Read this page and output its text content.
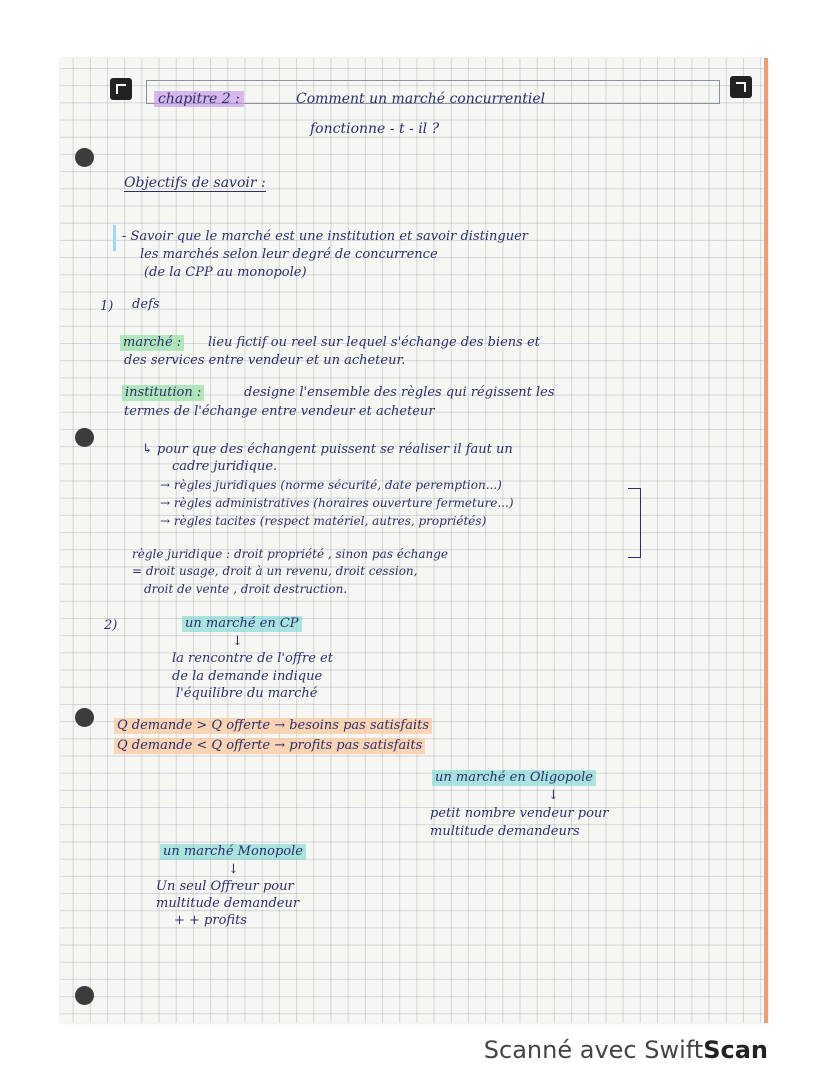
chapitre 2 :	Comment un marché concurrentiel
fonctionne - t - il ?
Objectifs de savoir :
- Savoir que le marché est une institution et savoir distinguer
les marchés selon leur degré de concurrence
(de la CPP au monopole)
1) defs
marché : lieu fictif ou reel sur lequel s'échange des biens et
des services entre vendeur et un acheteur.
institution :	designe l'ensemble des règles qui régissent les
termes de l'échange entre vendeur et acheteur
↳ pour que des échangent puissent se réaliser il faut un
cadre juridique.
→ règles juridiques (norme sécurité, date peremption...)
→ règles administratives (horaires ouverture fermeture...)
→ règles tacites (respect matériel, autres, propriétés)
règle juridique : droit propriété , sinon pas échange
= droit usage, droit à un revenu, droit cession,
droit de vente , droit destruction.
2)	un marché en CP
↓
la rencontre de l'offre et
de la demande indique
l'équilibre du marché
Q demande > Q offerte → besoins pas satisfaits
Q demande < Q offerte → profits pas satisfaits
un marché en Oligopole
↓
petit nombre vendeur pour
multitude demandeurs
un marché Monopole
↓
Un seul Offreur pour
multitude demandeur
+ + profits
Scanné avec SwiftScan
